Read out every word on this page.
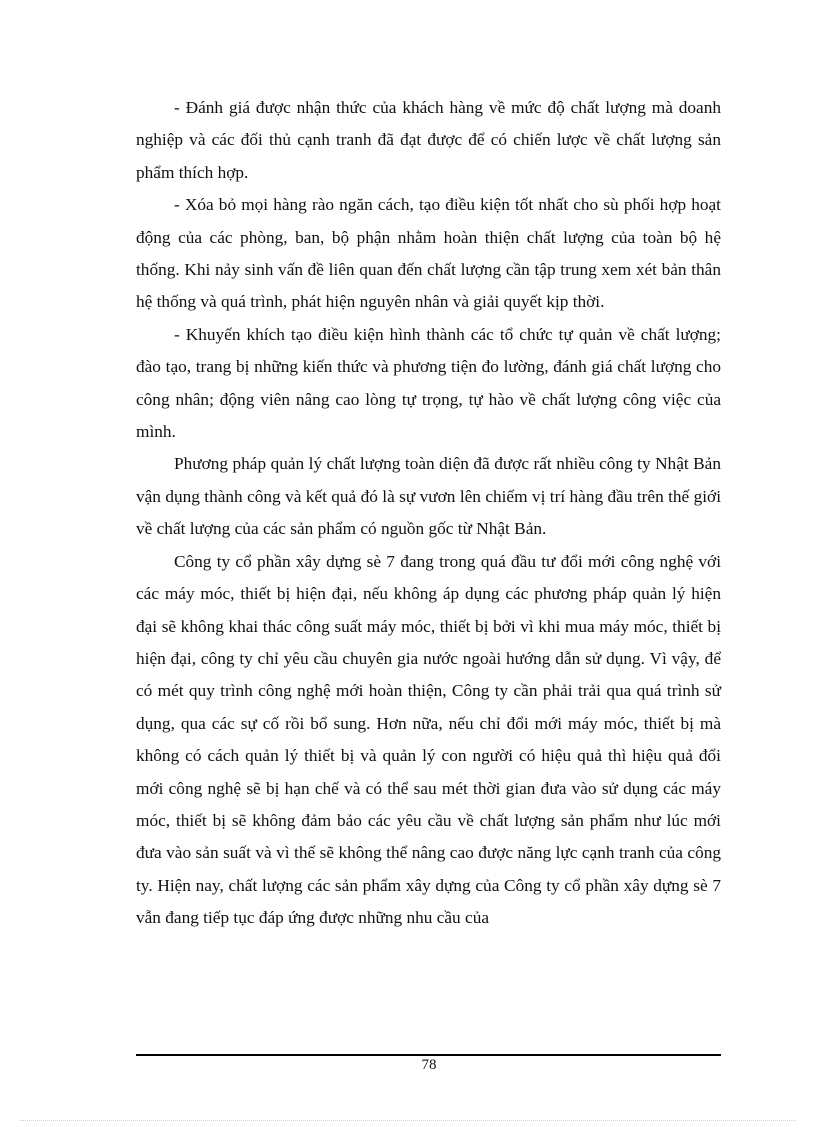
- Đánh giá được nhận thức của khách hàng về mức độ chất lượng mà doanh nghiệp và các đối thủ cạnh tranh đã đạt được để có chiến lược về chất lượng sản phẩm thích hợp.

- Xóa bỏ mọi hàng rào ngăn cách, tạo điều kiện tốt nhất cho sù phối hợp hoạt động của các phòng, ban, bộ phận nhằm hoàn thiện chất lượng của toàn bộ hệ thống. Khi nảy sinh vấn đề liên quan đến chất lượng cần tập trung xem xét bản thân hệ thống và quá trình, phát hiện nguyên nhân và giải quyết kịp thời.

- Khuyến khích tạo điều kiện hình thành các tổ chức tự quản về chất lượng; đào tạo, trang bị những kiến thức và phương tiện đo lường, đánh giá chất lượng cho công nhân; động viên nâng cao lòng tự trọng, tự hào về chất lượng công việc của mình.

Phương pháp quản lý chất lượng toàn diện đã được rất nhiều công ty Nhật Bản vận dụng thành công và kết quả đó là sự vươn lên chiếm vị trí hàng đầu trên thế giới về chất lượng của các sản phẩm có nguồn gốc từ Nhật Bản.

Công ty cổ phần xây dựng sè 7 đang trong quá đầu tư đổi mới công nghệ với các máy móc, thiết bị hiện đại, nếu không áp dụng các phương pháp quản lý hiện đại sẽ không khai thác công suất máy móc, thiết bị bởi vì khi mua máy móc, thiết bị hiện đại, công ty chỉ yêu cầu chuyên gia nước ngoài hướng dẫn sử dụng. Vì vậy, để có mét quy trình công nghệ mới hoàn thiện, Công ty cần phải trải qua quá trình sử dụng, qua các sự cố rồi bổ sung. Hơn nữa, nếu chỉ đổi mới máy móc, thiết bị mà không có cách quản lý thiết bị và quản lý con người có hiệu quả thì hiệu quả đổi mới công nghệ sẽ bị hạn chế và có thể sau mét thời gian đưa vào sử dụng các máy móc, thiết bị sẽ không đảm bảo các yêu cầu về chất lượng sản phẩm như lúc mới đưa vào sản suất và vì thế sẽ không thể nâng cao được năng lực cạnh tranh của công ty. Hiện nay, chất lượng các sản phẩm xây dựng của Công ty cổ phần xây dựng sè 7 vẫn đang tiếp tục đáp ứng được những nhu cầu của

78
